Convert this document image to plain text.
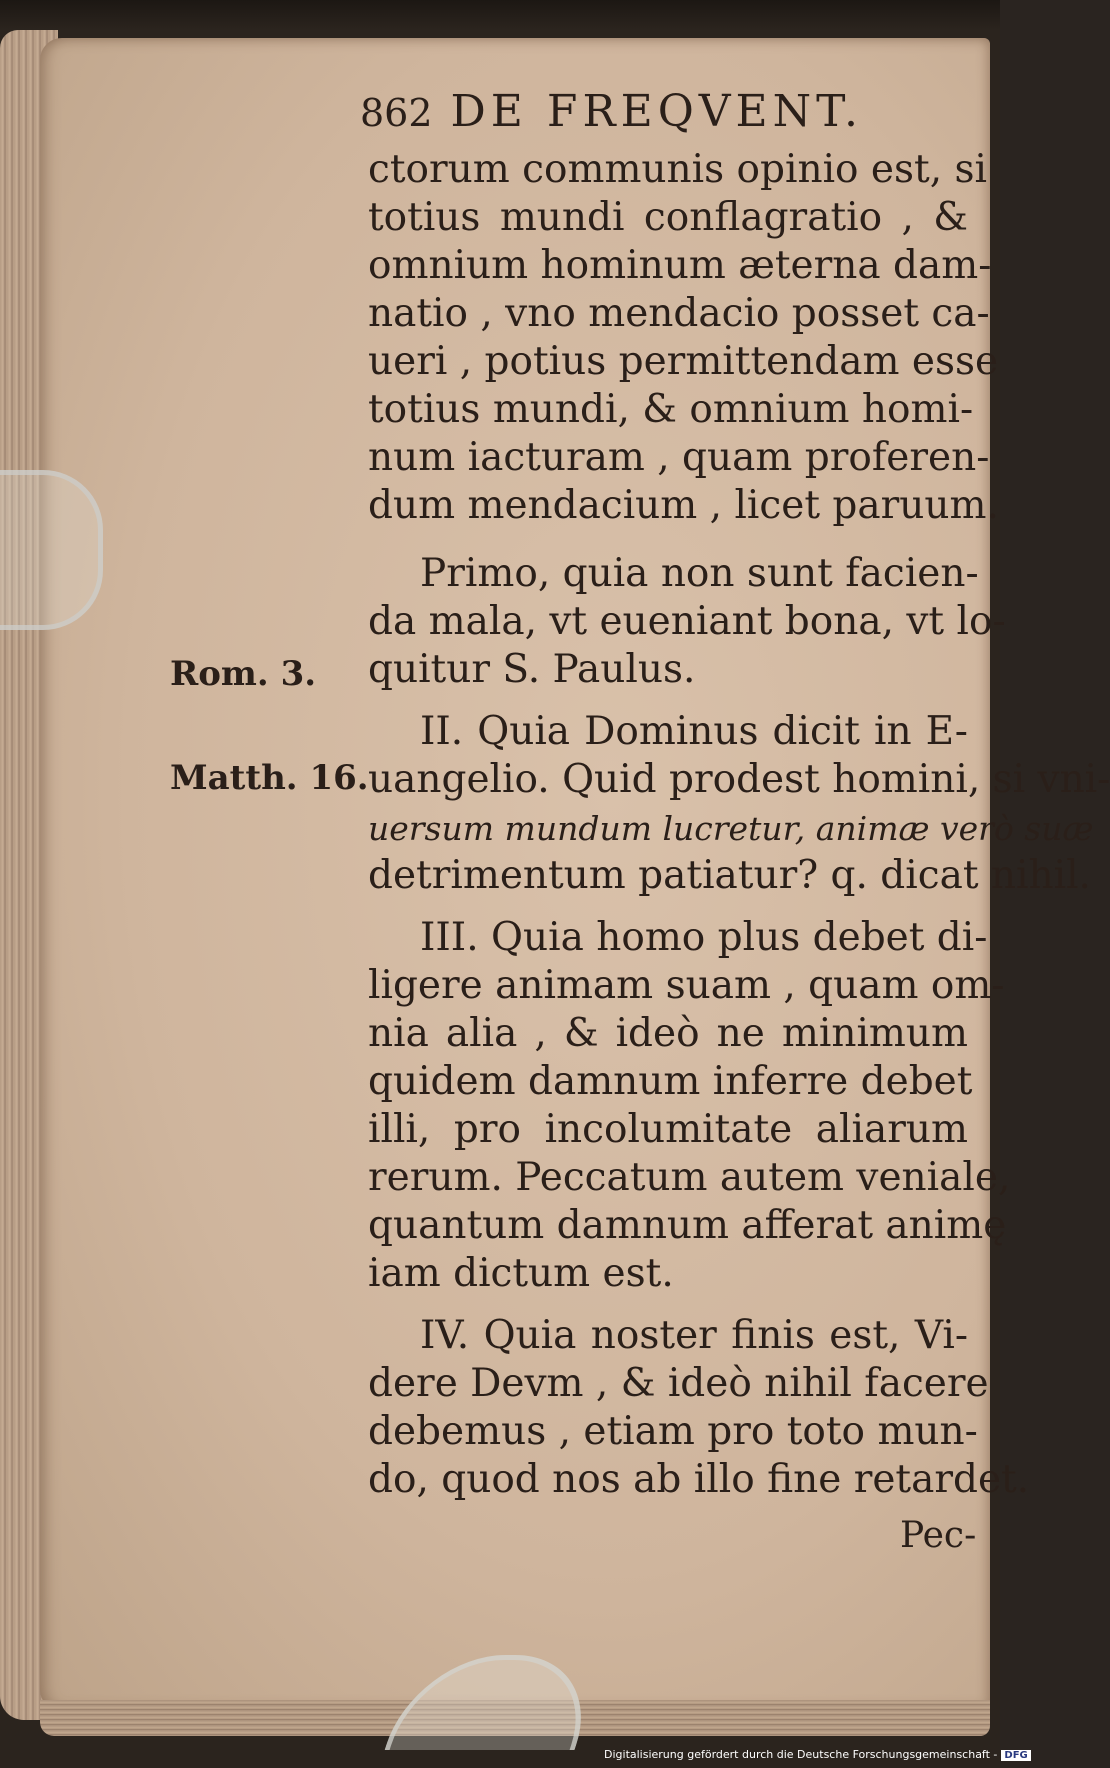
862 DE FREQVENT.
ctorum communis opinio est, si
totius mundi conflagratio , &
omnium hominum æterna dam-
natio , vno mendacio posset ca-
ueri , potius permittendam esse
totius mundi, & omnium homi-
num iacturam , quam proferen-
dum mendacium , licet paruum.
Primo, quia non sunt facien-
da mala, vt eueniant bona, vt lo-
quitur S. Paulus.
II. Quia Dominus dicit in E-
uangelio. Quid prodest homini, si vni-
uersum mundum lucretur, animæ verò suæ
detrimentum patiatur? q. dicat nihil.
III. Quia homo plus debet di-
ligere animam suam , quam om-
nia alia , & ideò ne minimum
quidem damnum inferre debet
illi, pro incolumitate aliarum
rerum. Peccatum autem veniale,
quantum damnum afferat animę
iam dictum est.
IV. Quia noster finis est, Vi-
dere Devm , & ideò nihil facere
debemus , etiam pro toto mun-
do, quod nos ab illo fine retardet.
Pec-
Rom. 3.
Matth. 16.
Digitalisierung gefördert durch die Deutsche Forschungsgemeinschaft - DFG
